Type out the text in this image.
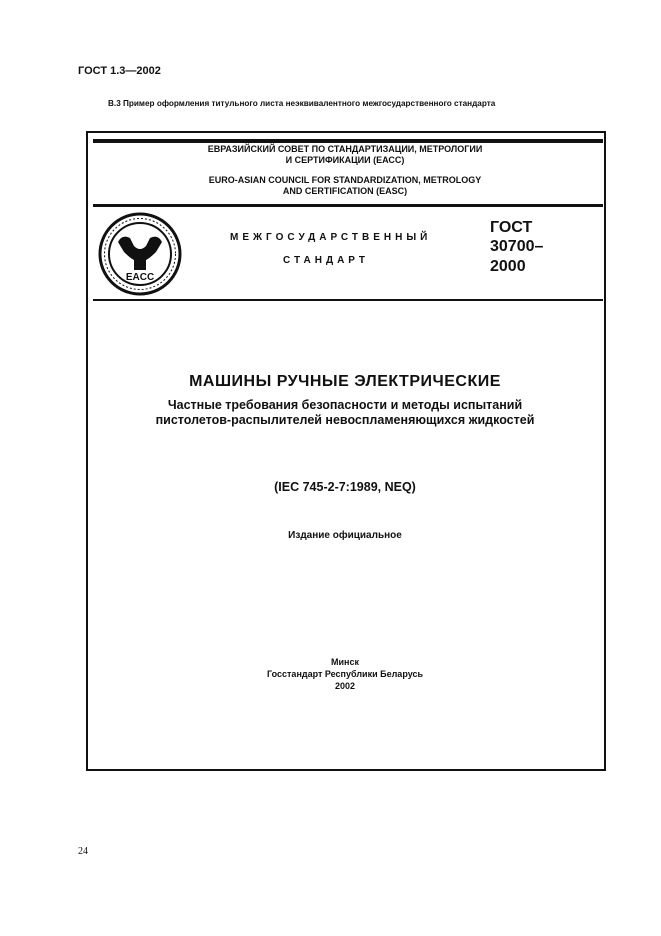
ГОСТ 1.3—2002
В.3 Пример оформления титульного листа неэквивалентного межгосударственного стандарта
ЕВРАЗИЙСКИЙ СОВЕТ ПО СТАНДАРТИЗАЦИИ, МЕТРОЛОГИИ
И СЕРТИФИКАЦИИ (ЕАСС)
EURO-ASIAN COUNCIL FOR STANDARDIZATION, METROLOGY
AND CERTIFICATION (EASC)
EACC
МЕЖГОСУДАРСТВЕННЫЙ
СТАНДАРТ
ГОСТ
30700–
2000
МАШИНЫ РУЧНЫЕ ЭЛЕКТРИЧЕСКИЕ
Частные требования безопасности и методы испытаний
пистолетов-распылителей невоспламеняющихся жидкостей
(IEC 745-2-7:1989, NEQ)
Издание официальное
Минск
Госстандарт Республики Беларусь
2002
24
